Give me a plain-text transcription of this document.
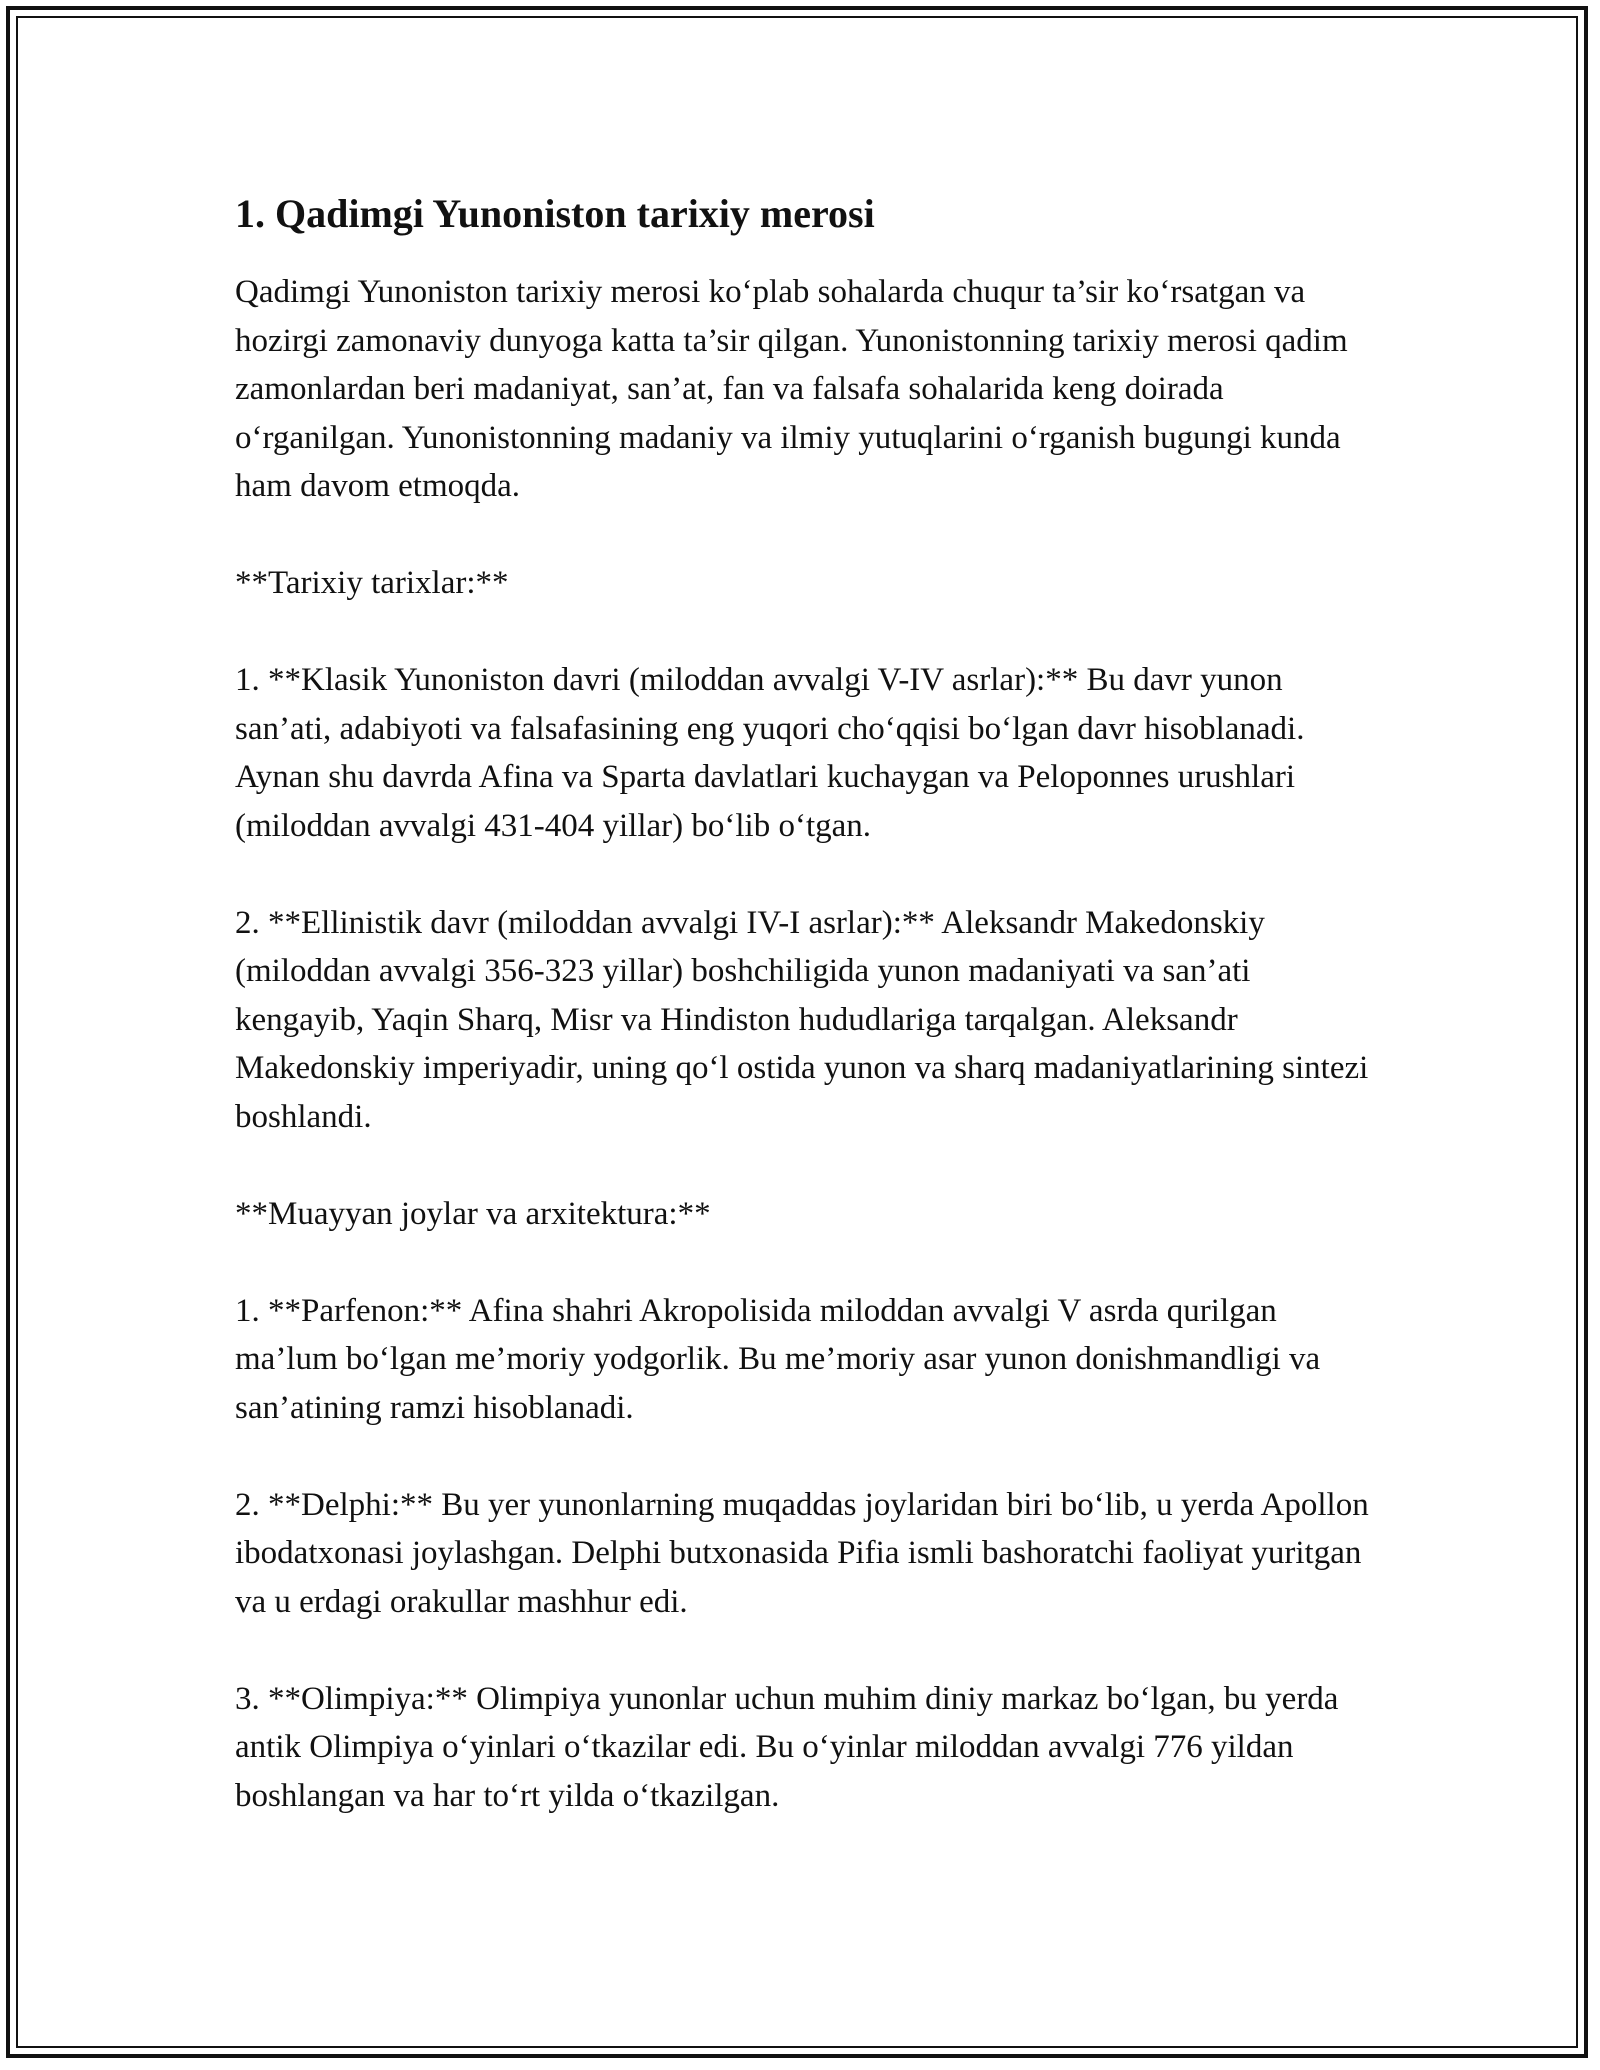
1. Qadimgi Yunoniston tarixiy merosi

Qadimgi Yunoniston tarixiy merosi ko‘plab sohalarda chuqur ta’sir ko‘rsatgan va hozirgi zamonaviy dunyoga katta ta’sir qilgan. Yunonistonning tarixiy merosi qadim zamonlardan beri madaniyat, san’at, fan va falsafa sohalarida keng doirada o‘rganilgan. Yunonistonning madaniy va ilmiy yutuqlarini o‘rganish bugungi kunda ham davom etmoqda.

**Tarixiy tarixlar:**

1. **Klasik Yunoniston davri (miloddan avvalgi V-IV asrlar):** Bu davr yunon san’ati, adabiyoti va falsafasining eng yuqori cho‘qqisi bo‘lgan davr hisoblanadi. Aynan shu davrda Afina va Sparta davlatlari kuchaygan va Peloponnes urushlari (miloddan avvalgi 431-404 yillar) bo‘lib o‘tgan.

2. **Ellinistik davr (miloddan avvalgi IV-I asrlar):** Aleksandr Makedonskiy (miloddan avvalgi 356-323 yillar) boshchiligida yunon madaniyati va san’ati kengayib, Yaqin Sharq, Misr va Hindiston hududlariga tarqalgan. Aleksandr Makedonskiy imperiyadir, uning qo‘l ostida yunon va sharq madaniyatlarining sintezi boshlandi.

**Muayyan joylar va arxitektura:**

1. **Parfenon:** Afina shahri Akropolisida miloddan avvalgi V asrda qurilgan ma’lum bo‘lgan me’moriy yodgorlik. Bu me’moriy asar yunon donishmandligi va san’atining ramzi hisoblanadi.

2. **Delphi:** Bu yer yunonlarning muqaddas joylaridan biri bo‘lib, u yerda Apollon ibodatxonasi joylashgan. Delphi butxonasida Pifia ismli bashoratchi faoliyat yuritgan va u erdagi orakullar mashhur edi.

3. **Olimpiya:** Olimpiya yunonlar uchun muhim diniy markaz bo‘lgan, bu yerda antik Olimpiya o‘yinlari o‘tkazilar edi. Bu o‘yinlar miloddan avvalgi 776 yildan boshlangan va har to‘rt yilda o‘tkazilgan.
